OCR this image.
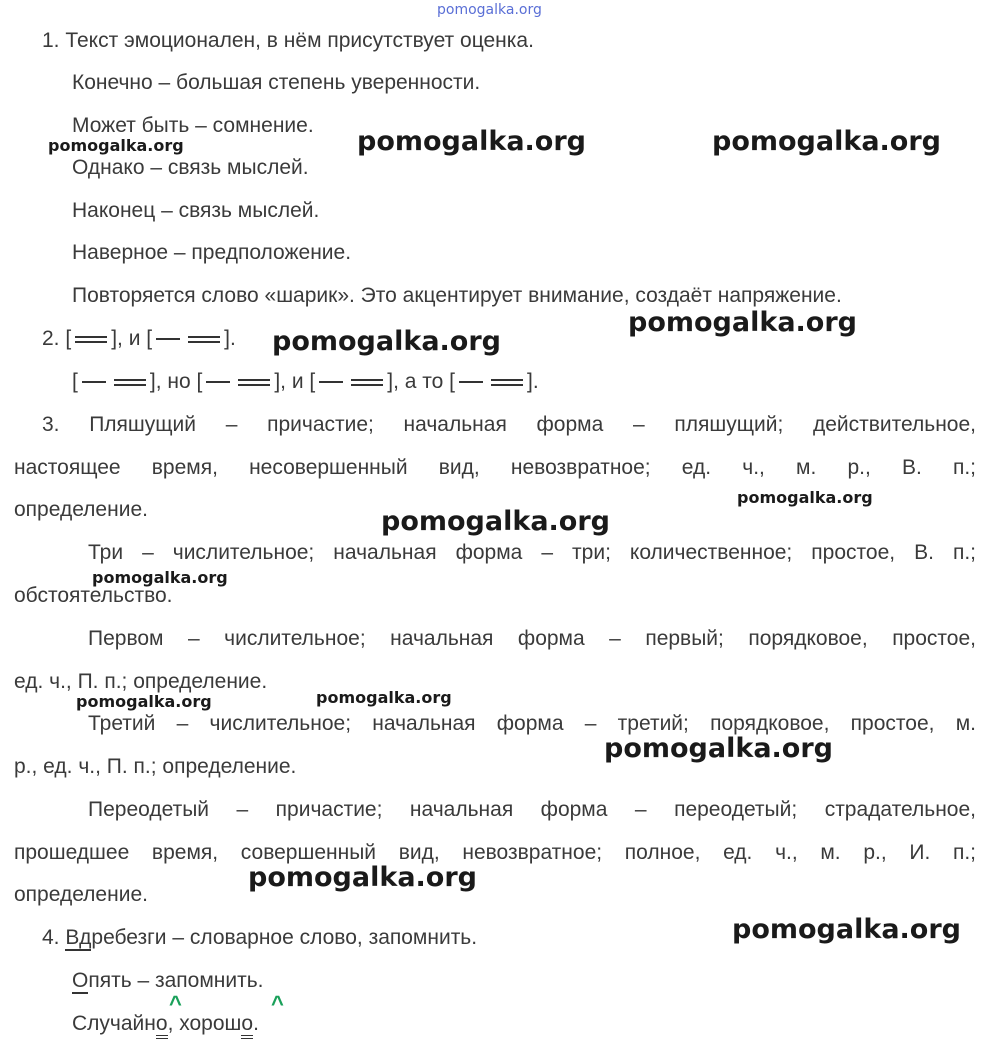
pomogalka.org
1. Текст эмоционален, в нём присутствует оценка.
Конечно – большая степень уверенности.
Может быть – сомнение.
Однако – связь мыслей.
Наконец – связь мыслей.
Наверное – предположение.
Повторяется слово «шарик». Это акцентирует внимание, создаёт напряжение.
2. [ ], и [	].
[	], но [	], и [	], а то [	].
3. Пляшущий – причастие; начальная форма – пляшущий; действительное,
настоящее время, несовершенный вид, невозвратное; ед. ч., м. р., В. п.;
определение.
Три – числительное; начальная форма – три; количественное; простое, В. п.;
обстоятельство.
Первом – числительное; начальная форма – первый; порядковое, простое,
ед. ч., П. п.; определение.
Третий – числительное; начальная форма – третий; порядковое, простое, м.
р., ед. ч., П. п.; определение.
Переодетый – причастие; начальная форма – переодетый; страдательное,
прошедшее время, совершенный вид, невозвратное; полное, ед. ч., м. р., И. п.;
определение.
4. Вдребезги – словарное слово, запомнить.
Опять – запомнить.
Случайно, хорошо.
^	^
pomogalka.org	pomogalka.org	pomogalka.org
pomogalka.org
pomogalka.org
pomogalka.org
pomogalka.org
pomogalka.org
pomogalka.org	pomogalka.org
pomogalka.org
pomogalka.org
pomogalka.org
